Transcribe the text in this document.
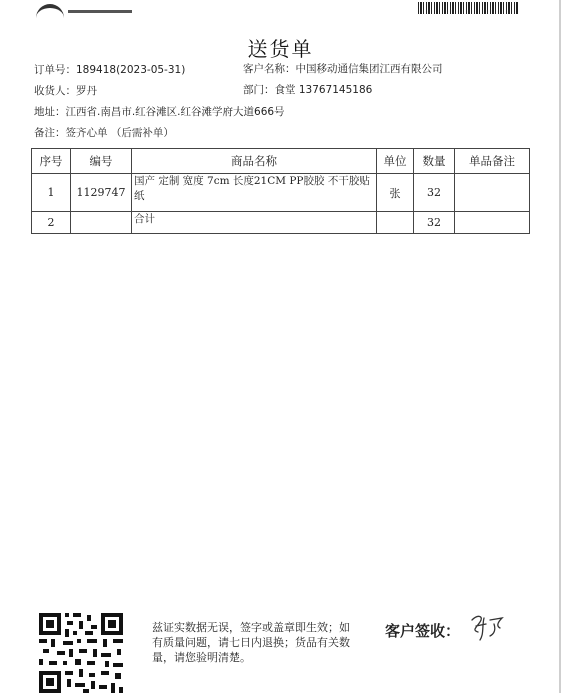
送货单
订单号：189418(2023-05-31)	客户名称：中国移动通信集团江西有限公司
收货人：罗丹	部门：食堂 13767145186
地址：江西省.南昌市.红谷滩区.红谷滩学府大道666号
备注：签齐心单 （后需补单）
序号	编号	商品名称	单位	数量	单品备注
1	1129747	国产 定制 宽度 7cm 长度21CM PP胶胶 不干胶贴纸	张	32	
2		合计		32	
兹证实数据无误，签字或盖章即生效；如有质量问题，请七日内退换；货品有关数量，请您验明清楚。
客户签收：
